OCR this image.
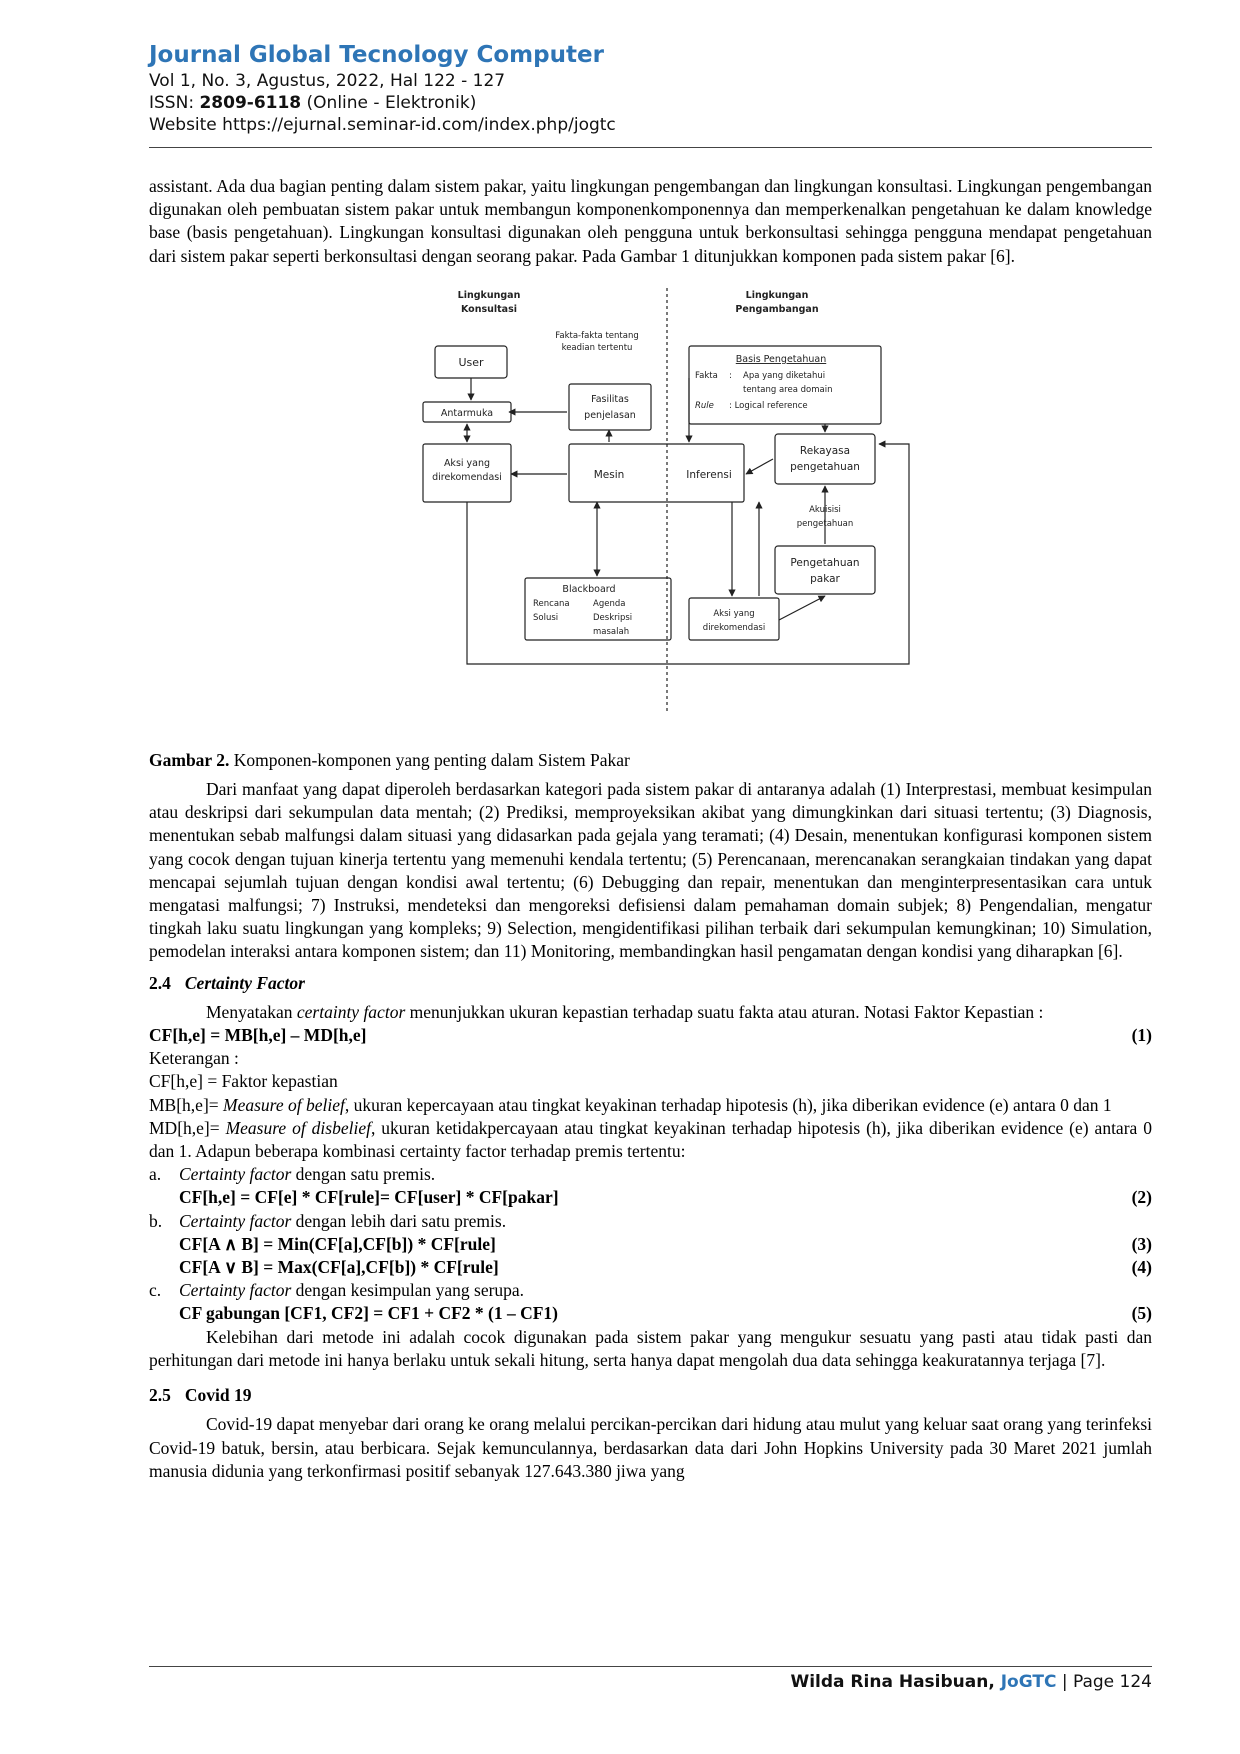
Journal Global Tecnology Computer
Vol 1, No. 3, Agustus, 2022, Hal 122 - 127
ISSN: 2809-6118 (Online - Elektronik)
Website https://ejurnal.seminar-id.com/index.php/jogtc

assistant. Ada dua bagian penting dalam sistem pakar, yaitu lingkungan pengembangan dan lingkungan konsultasi. Lingkungan pengembangan digunakan oleh pembuatan sistem pakar untuk membangun komponenkomponennya dan memperkenalkan pengetahuan ke dalam knowledge base (basis pengetahuan). Lingkungan konsultasi digunakan oleh pengguna untuk berkonsultasi sehingga pengguna mendapat pengetahuan dari sistem pakar seperti berkonsultasi dengan seorang pakar. Pada Gambar 1 ditunjukkan komponen pada sistem pakar [6].

Lingkungan
Konsultasi
Lingkungan
Pengambangan
User
Fakta-fakta tentang
keadian tertentu
Antarmuka
Fasilitas
penjelasan
Basis Pengetahuan
Aksi yang
direkomendasi	Mesin	Inferensi
Rekayasa
pengetahuan
Akuisisi
pengetahuan
Pengetahuan
pakar
Blackboard
Aksi yang
direkomendasi
Fakta : Apa yang diketahui
tentang area domain
Rule : Logical reference
Rencana	Agenda
Solusi	Deskripsi
masalah

Gambar 2. Komponen-komponen yang penting dalam Sistem Pakar

Dari manfaat yang dapat diperoleh berdasarkan kategori pada sistem pakar di antaranya adalah (1) Interprestasi, membuat kesimpulan atau deskripsi dari sekumpulan data mentah; (2) Prediksi, memproyeksikan akibat yang dimungkinkan dari situasi tertentu; (3) Diagnosis, menentukan sebab malfungsi dalam situasi yang didasarkan pada gejala yang teramati; (4) Desain, menentukan konfigurasi komponen sistem yang cocok dengan tujuan kinerja tertentu yang memenuhi kendala tertentu; (5) Perencanaan, merencanakan serangkaian tindakan yang dapat mencapai sejumlah tujuan dengan kondisi awal tertentu; (6) Debugging dan repair, menentukan dan menginterpresentasikan cara untuk mengatasi malfungsi; 7) Instruksi, mendeteksi dan mengoreksi defisiensi dalam pemahaman domain subjek; 8) Pengendalian, mengatur tingkah laku suatu lingkungan yang kompleks; 9) Selection, mengidentifikasi pilihan terbaik dari sekumpulan kemungkinan; 10) Simulation, pemodelan interaksi antara komponen sistem; dan 11) Monitoring, membandingkan hasil pengamatan dengan kondisi yang diharapkan [6].

2.4 Certainty Factor

Menyatakan certainty factor menunjukkan ukuran kepastian terhadap suatu fakta atau aturan. Notasi Faktor Kepastian :

CF[h,e] = MB[h,e] – MD[h,e]	(1)

Keterangan :

CF[h,e] = Faktor kepastian

MB[h,e]= Measure of belief, ukuran kepercayaan atau tingkat keyakinan terhadap hipotesis (h), jika diberikan evidence (e) antara 0 dan 1

MD[h,e]= Measure of disbelief, ukuran ketidakpercayaan atau tingkat keyakinan terhadap hipotesis (h), jika diberikan evidence (e) antara 0 dan 1. Adapun beberapa kombinasi certainty factor terhadap premis tertentu:

a.	Certainty factor dengan satu premis.
CF[h,e] = CF[e] * CF[rule]= CF[user] * CF[pakar]	(2)
b. Certainty factor dengan lebih dari satu premis.
CF[A ∧ B] = Min(CF[a],CF[b]) * CF[rule]	(3)
CF[A ∨ B] = Max(CF[a],CF[b]) * CF[rule]	(4)
c.	Certainty factor dengan kesimpulan yang serupa.
CF gabungan [CF1, CF2] = CF1 + CF2 * (1 – CF1)	(5)

Kelebihan dari metode ini adalah cocok digunakan pada sistem pakar yang mengukur sesuatu yang pasti atau tidak pasti dan perhitungan dari metode ini hanya berlaku untuk sekali hitung, serta hanya dapat mengolah dua data sehingga keakuratannya terjaga [7].

2.5 Covid 19

Covid-19 dapat menyebar dari orang ke orang melalui percikan-percikan dari hidung atau mulut yang keluar saat orang yang terinfeksi Covid-19 batuk, bersin, atau berbicara. Sejak kemunculannya, berdasarkan data dari John Hopkins University pada 30 Maret 2021 jumlah manusia didunia yang terkonfirmasi positif sebanyak 127.643.380 jiwa yang

Wilda Rina Hasibuan, JoGTC | Page 124
